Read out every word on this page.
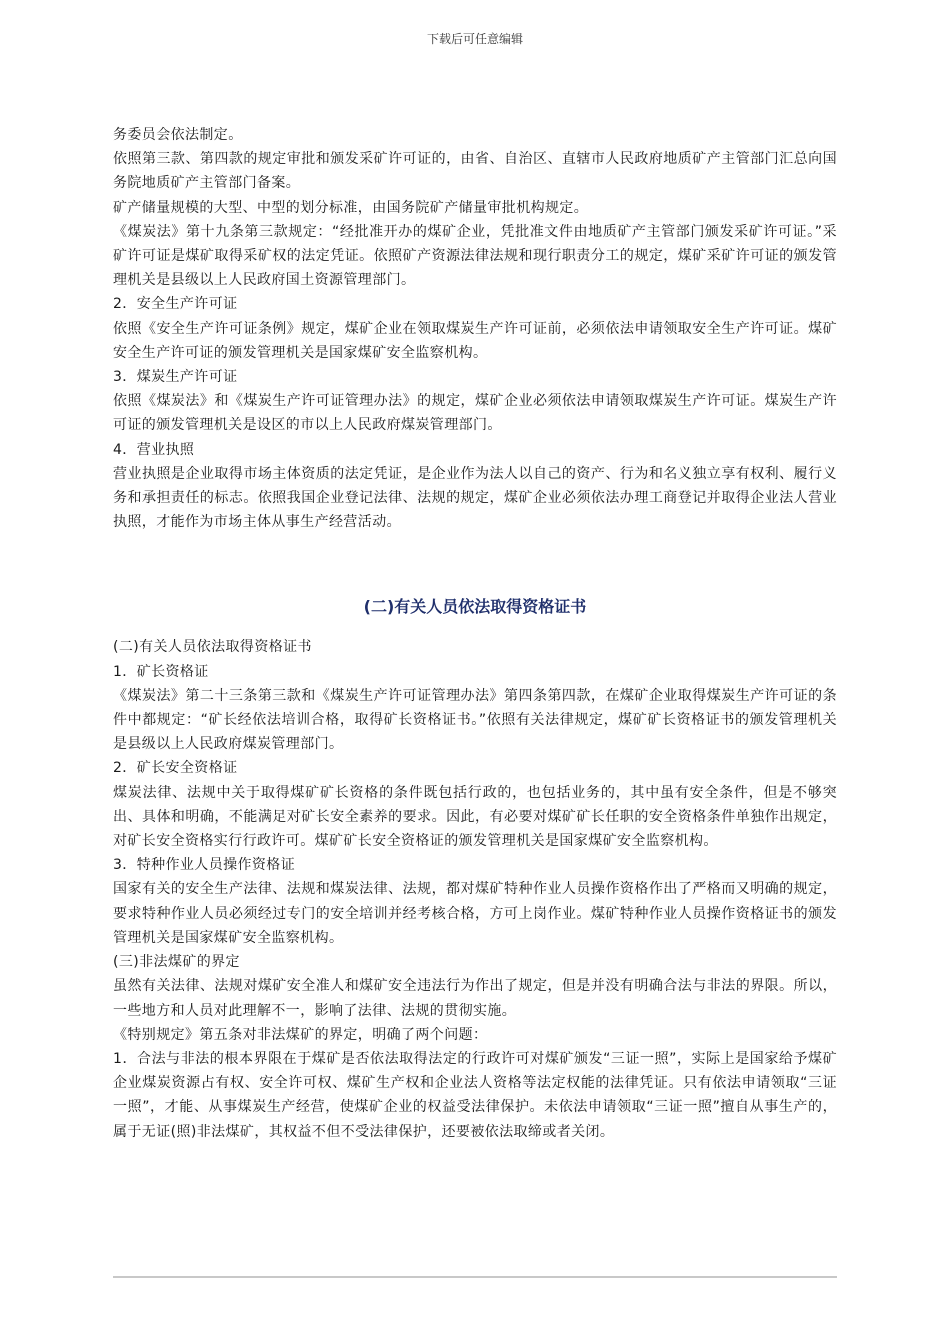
下载后可任意编辑

务委员会依法制定。

依照第三款、第四款的规定审批和颁发采矿许可证的，由省、自治区、直辖市人民政府地质矿产主管部门汇总向国务院地质矿产主管部门备案。

矿产储量规模的大型、中型的划分标准，由国务院矿产储量审批机构规定。

《煤炭法》第十九条第三款规定：“经批准开办的煤矿企业，凭批准文件由地质矿产主管部门颁发采矿许可证。”采矿许可证是煤矿取得采矿权的法定凭证。依照矿产资源法律法规和现行职责分工的规定，煤矿采矿许可证的颁发管理机关是县级以上人民政府国土资源管理部门。

2．安全生产许可证

依照《安全生产许可证条例》规定，煤矿企业在领取煤炭生产许可证前，必须依法申请领取安全生产许可证。煤矿安全生产许可证的颁发管理机关是国家煤矿安全监察机构。

3．煤炭生产许可证

依照《煤炭法》和《煤炭生产许可证管理办法》的规定，煤矿企业必须依法申请领取煤炭生产许可证。煤炭生产许可证的颁发管理机关是设区的市以上人民政府煤炭管理部门。

4．营业执照

营业执照是企业取得市场主体资质的法定凭证，是企业作为法人以自己的资产、行为和名义独立享有权利、履行义务和承担责任的标志。依照我国企业登记法律、法规的规定，煤矿企业必须依法办理工商登记并取得企业法人营业执照，才能作为市场主体从事生产经营活动。

(二)有关人员依法取得资格证书

(二)有关人员依法取得资格证书

1．矿长资格证

《煤炭法》第二十三条第三款和《煤炭生产许可证管理办法》第四条第四款，在煤矿企业取得煤炭生产许可证的条件中都规定：“矿长经依法培训合格，取得矿长资格证书。”依照有关法律规定，煤矿矿长资格证书的颁发管理机关是县级以上人民政府煤炭管理部门。

2．矿长安全资格证

煤炭法律、法规中关于取得煤矿矿长资格的条件既包括行政的，也包括业务的，其中虽有安全条件，但是不够突出、具体和明确，不能满足对矿长安全素养的要求。因此，有必要对煤矿矿长任职的安全资格条件单独作出规定，对矿长安全资格实行行政许可。煤矿矿长安全资格证的颁发管理机关是国家煤矿安全监察机构。

3．特种作业人员操作资格证

国家有关的安全生产法律、法规和煤炭法律、法规，都对煤矿特种作业人员操作资格作出了严格而又明确的规定，要求特种作业人员必须经过专门的安全培训并经考核合格，方可上岗作业。煤矿特种作业人员操作资格证书的颁发管理机关是国家煤矿安全监察机构。

(三)非法煤矿的界定

虽然有关法律、法规对煤矿安全准人和煤矿安全违法行为作出了规定，但是并没有明确合法与非法的界限。所以，一些地方和人员对此理解不一，影响了法律、法规的贯彻实施。

《特别规定》第五条对非法煤矿的界定，明确了两个问题：

1．合法与非法的根本界限在于煤矿是否依法取得法定的行政许可对煤矿颁发“三证一照”，实际上是国家给予煤矿企业煤炭资源占有权、安全许可权、煤矿生产权和企业法人资格等法定权能的法律凭证。只有依法申请领取“三证一照”，才能、从事煤炭生产经营，使煤矿企业的权益受法律保护。未依法申请领取“三证一照”擅自从事生产的，属于无证(照)非法煤矿，其权益不但不受法律保护，还要被依法取缔或者关闭。
